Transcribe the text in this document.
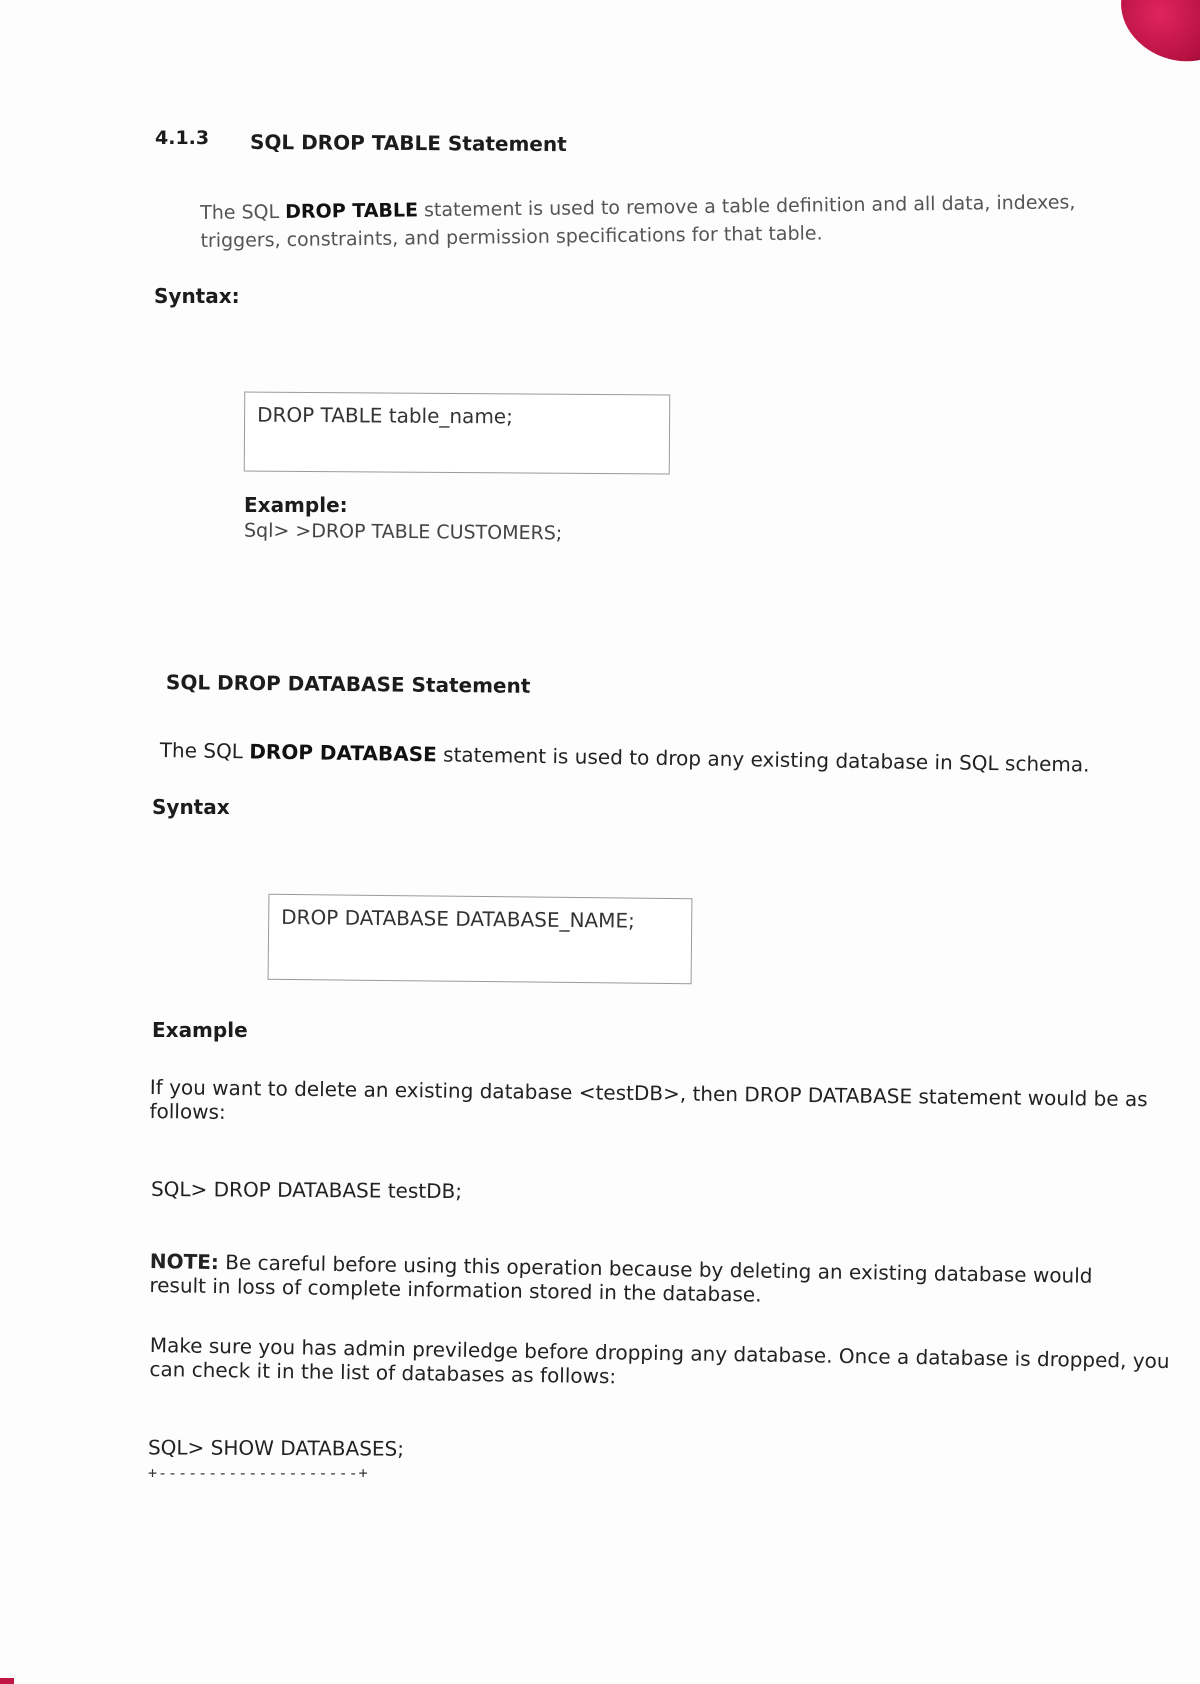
4.1.3 SQL DROP TABLE Statement
The SQL DROP TABLE statement is used to remove a table definition and all data, indexes,
triggers, constraints, and permission specifications for that table.
Syntax:
DROP TABLE table_name;
Example:
Sql> >DROP TABLE CUSTOMERS;
SQL DROP DATABASE Statement
The SQL DROP DATABASE statement is used to drop any existing database in SQL schema.
Syntax
DROP DATABASE DATABASE_NAME;
Example

If you want to delete an existing database <testDB>, then DROP DATABASE statement would be as follows:

SQL> DROP DATABASE testDB;

NOTE: Be careful before using this operation because by deleting an existing database would result in loss of complete information stored in the database.

Make sure you has admin previledge before dropping any database. Once a database is dropped, you can check it in the list of databases as follows:

SQL> SHOW DATABASES;
+--------------------+
